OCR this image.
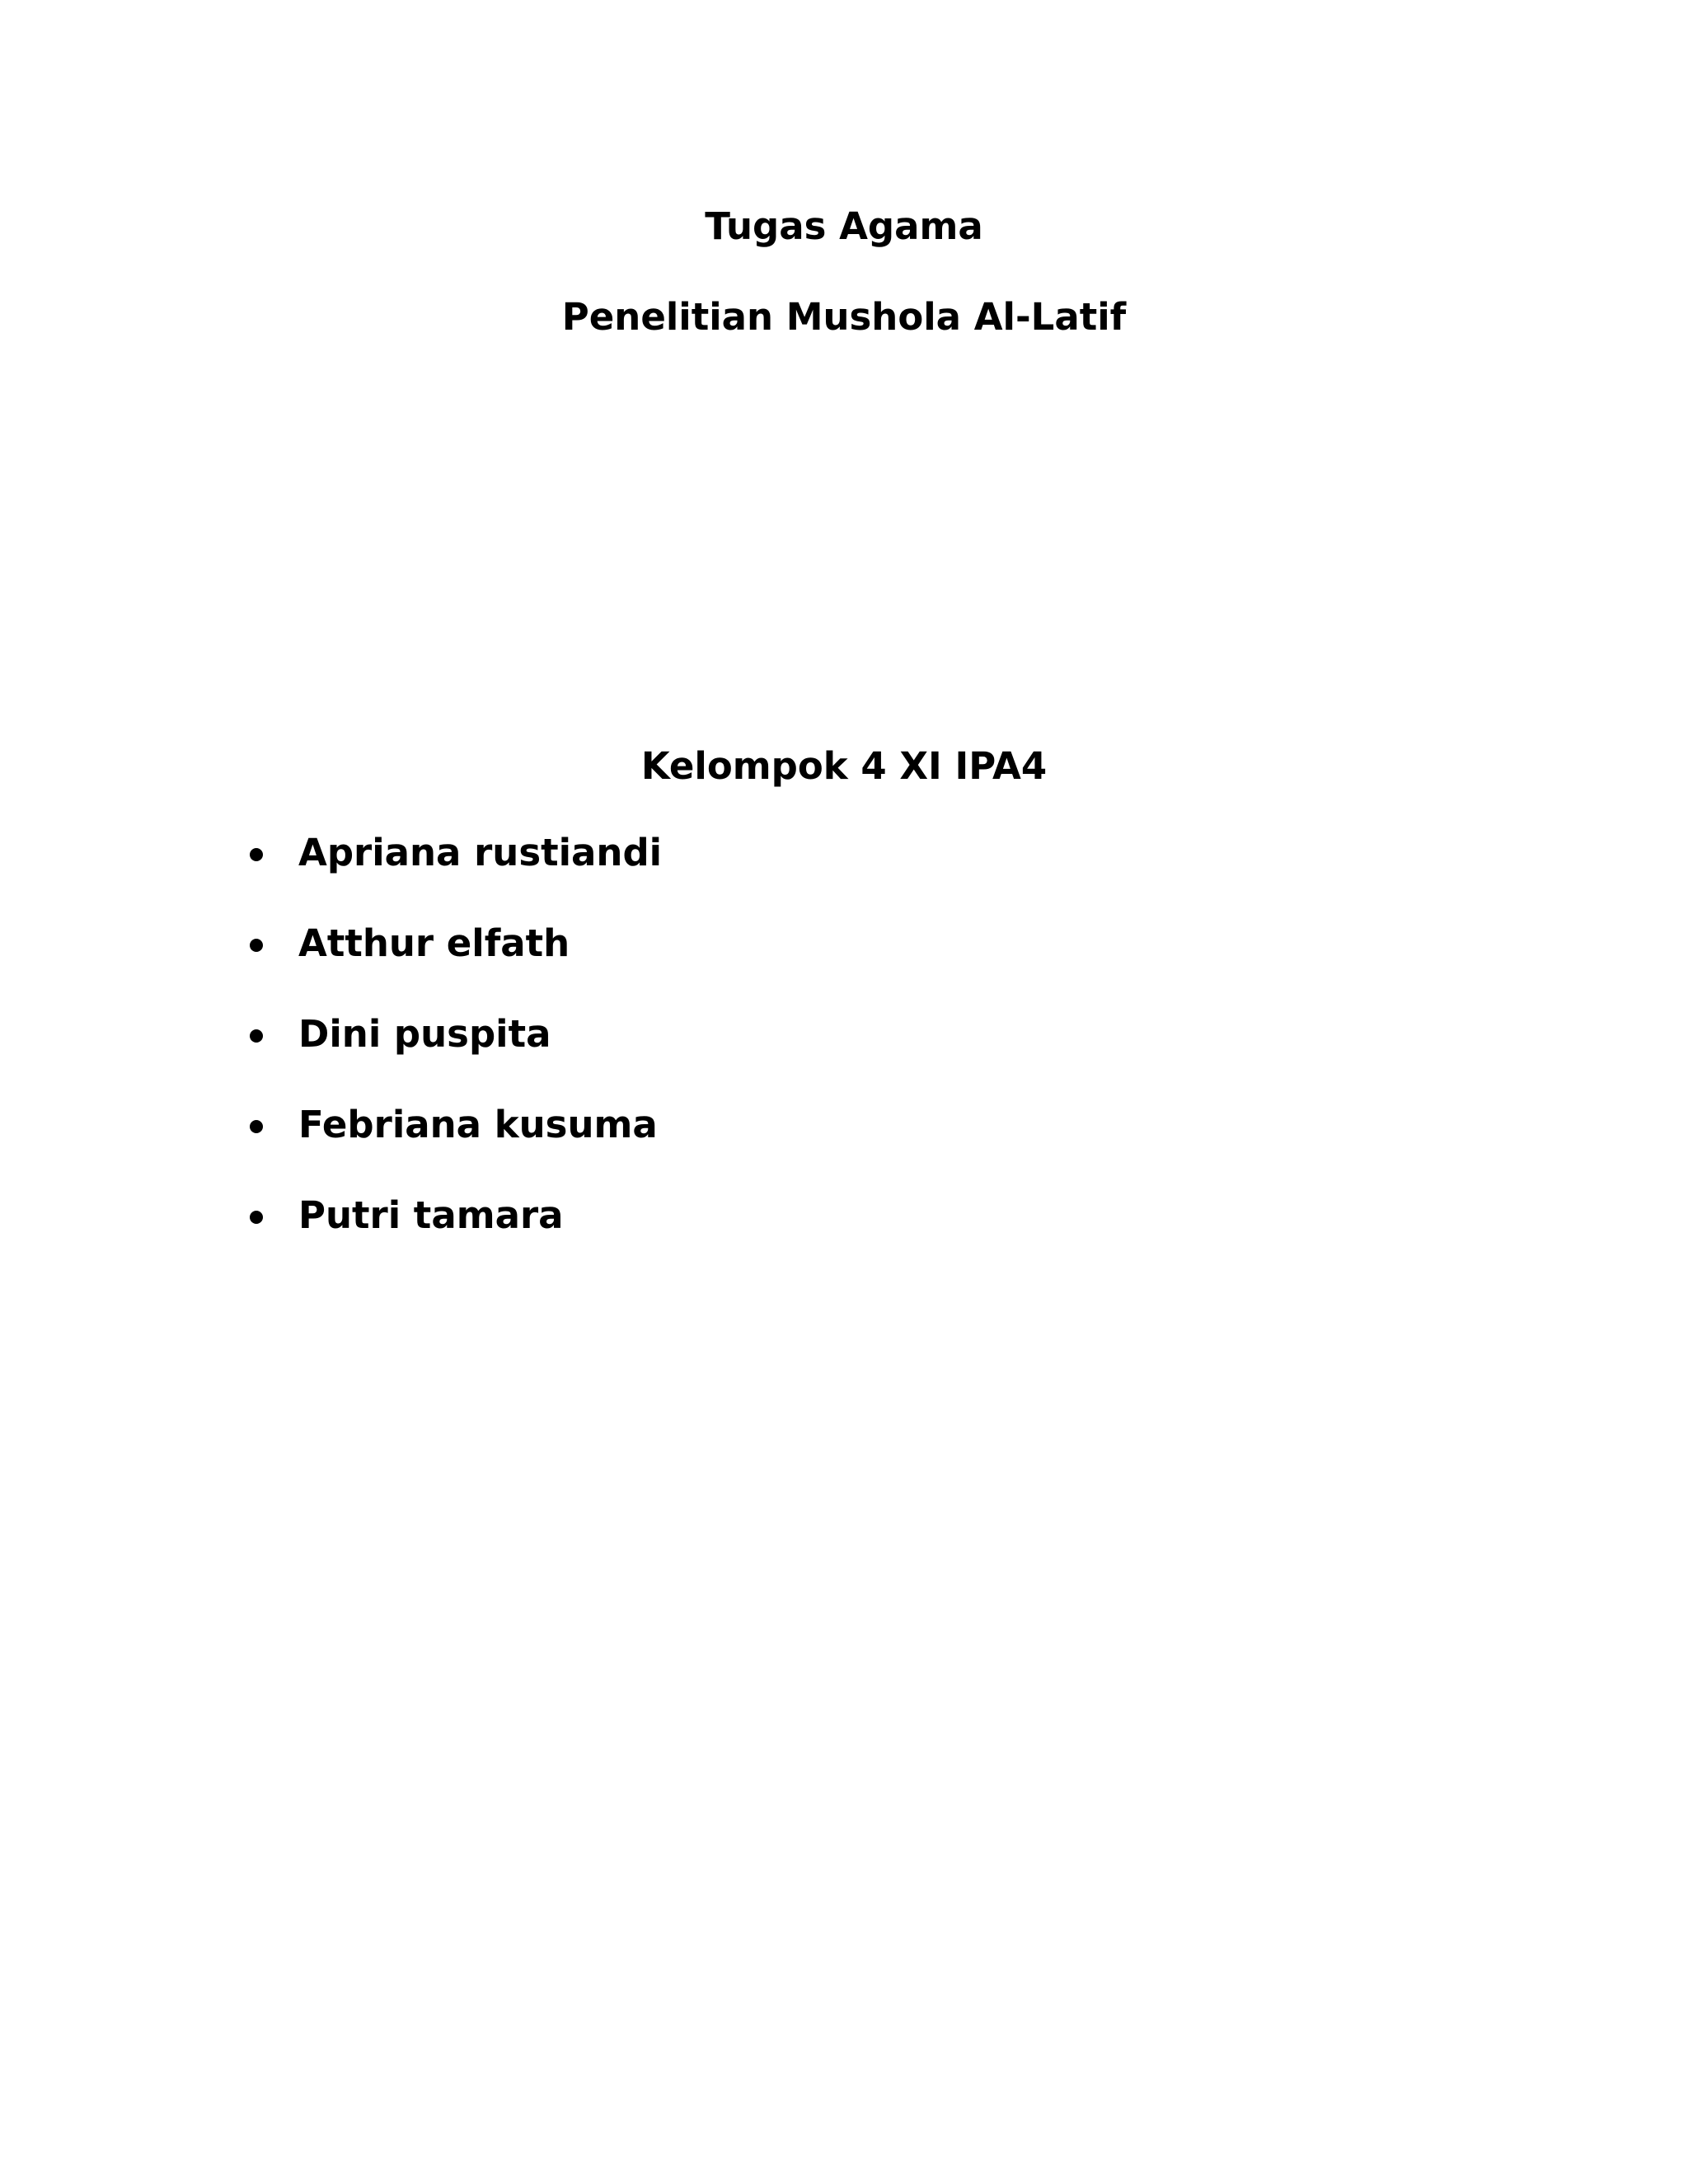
Tugas Agama
Penelitian Mushola Al-Latif
Kelompok 4 XI IPA4
Apriana rustiandi
Atthur elfath
Dini puspita
Febriana kusuma
Putri tamara
